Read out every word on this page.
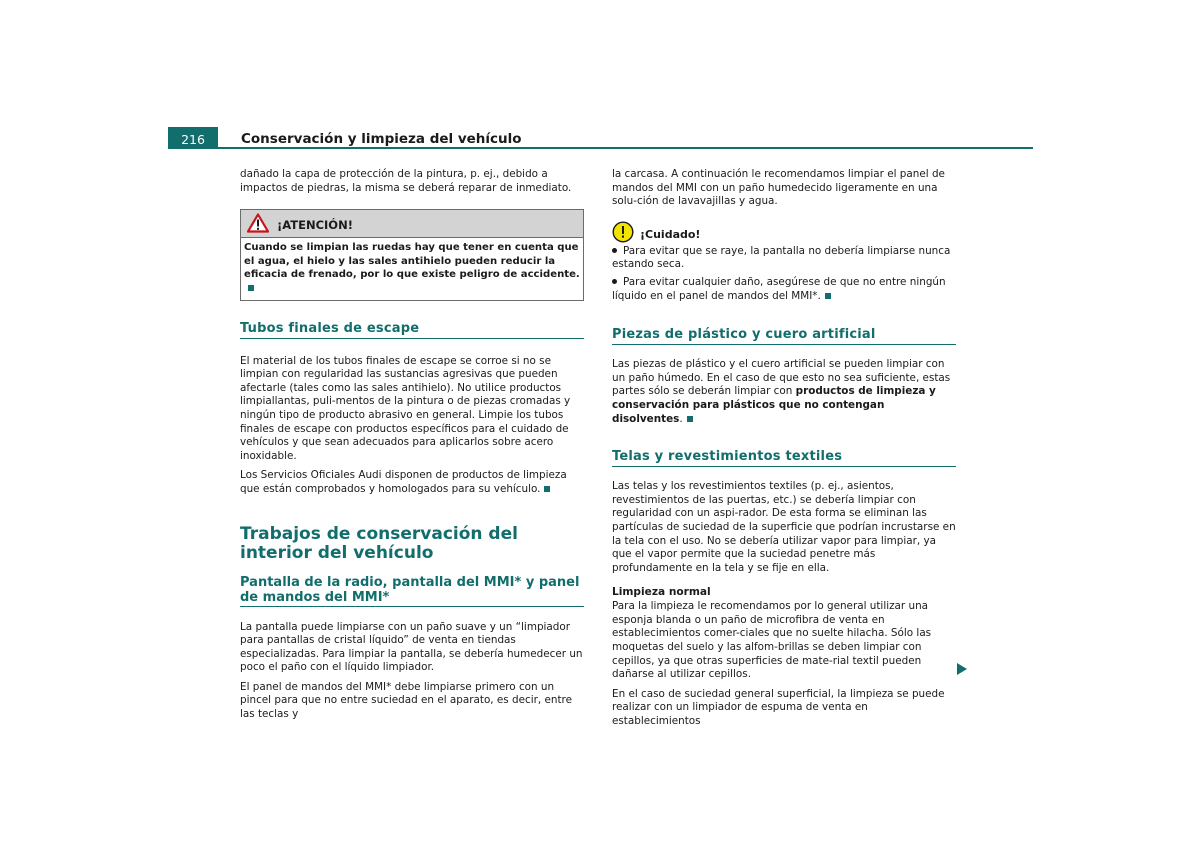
216	Conservación y limpieza del vehículo

dañado la capa de protección de la pintura, p. ej., debido a impactos de piedras, la misma se deberá reparar de inmediato.

¡ATENCIÓN!
Cuando se limpian las ruedas hay que tener en cuenta que el agua, el hielo y las sales antihielo pueden reducir la eficacia de frenado, por lo que existe peligro de accidente.
Tubos finales de escape

El material de los tubos finales de escape se corroe si no se limpian con regularidad las sustancias agresivas que pueden afectarle (tales como las sales antihielo). No utilice productos limpiallantas, puli-mentos de la pintura o de piezas cromadas y ningún tipo de producto abrasivo en general. Limpie los tubos finales de escape con productos específicos para el cuidado de vehículos y que sean adecuados para aplicarlos sobre acero inoxidable.

Los Servicios Oficiales Audi disponen de productos de limpieza que están comprobados y homologados para su vehículo.

Trabajos de conservación del interior del vehículo
Pantalla de la radio, pantalla del MMI* y panel de mandos del MMI*

La pantalla puede limpiarse con un paño suave y un “limpiador para pantallas de cristal líquido” de venta en tiendas especializadas. Para limpiar la pantalla, se debería humedecer un poco el paño con el líquido limpiador.

El panel de mandos del MMI* debe limpiarse primero con un pincel para que no entre suciedad en el aparato, es decir, entre las teclas y

la carcasa. A continuación le recomendamos limpiar el panel de mandos del MMI con un paño humedecido ligeramente en una solu-ción de lavavajillas y agua.

¡Cuidado!

Para evitar que se raye, la pantalla no debería limpiarse nunca estando seca.

Para evitar cualquier daño, asegúrese de que no entre ningún líquido en el panel de mandos del MMI*.

Piezas de plástico y cuero artificial

Las piezas de plástico y el cuero artificial se pueden limpiar con un paño húmedo. En el caso de que esto no sea suficiente, estas partes sólo se deberán limpiar con productos de limpieza y conservación para plásticos que no contengan disolventes.

Telas y revestimientos textiles

Las telas y los revestimientos textiles (p. ej., asientos, revestimientos de las puertas, etc.) se debería limpiar con regularidad con un aspi-rador. De esta forma se eliminan las partículas de suciedad de la superficie que podrían incrustarse en la tela con el uso. No se debería utilizar vapor para limpiar, ya que el vapor permite que la suciedad penetre más profundamente en la tela y se fije en ella.

Limpieza normal

Para la limpieza le recomendamos por lo general utilizar una esponja blanda o un paño de microfibra de venta en establecimientos comer-ciales que no suelte hilacha. Sólo las moquetas del suelo y las alfom-brillas se deben limpiar con cepillos, ya que otras superficies de mate-rial textil pueden dañarse al utilizar cepillos.

En el caso de suciedad general superficial, la limpieza se puede realizar con un limpiador de espuma de venta en establecimientos
